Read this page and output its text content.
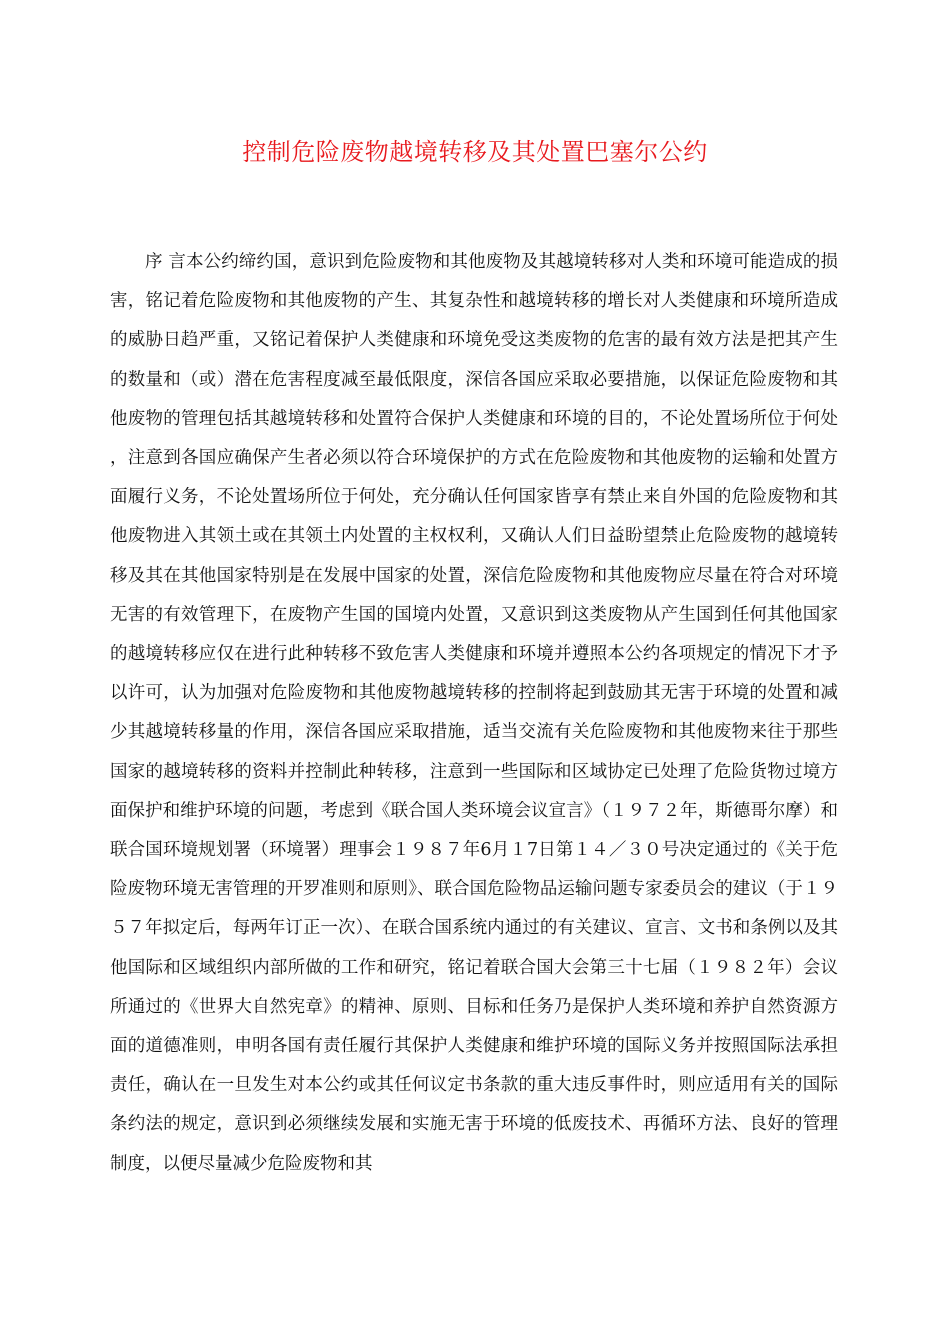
控制危险废物越境转移及其处置巴塞尔公约

序 言本公约缔约国，意识到危险废物和其他废物及其越境转移对人类和环境可能造成的损害，铭记着危险废物和其他废物的产生、其复杂性和越境转移的增长对人类健康和环境所造成的威胁日趋严重，又铭记着保护人类健康和环境免受这类废物的危害的最有效方法是把其产生的数量和（或）潜在危害程度减至最低限度，深信各国应采取必要措施，以保证危险废物和其他废物的管理包括其越境转移和处置符合保护人类健康和环境的目的，不论处置场所位于何处，注意到各国应确保产生者必须以符合环境保护的方式在危险废物和其他废物的运输和处置方面履行义务，不论处置场所位于何处，充分确认任何国家皆享有禁止来自外国的危险废物和其他废物进入其领土或在其领土内处置的主权权利，又确认人们日益盼望禁止危险废物的越境转移及其在其他国家特别是在发展中国家的处置，深信危险废物和其他废物应尽量在符合对环境无害的有效管理下，在废物产生国的国境内处置，又意识到这类废物从产生国到任何其他国家的越境转移应仅在进行此种转移不致危害人类健康和环境并遵照本公约各项规定的情况下才予以许可，认为加强对危险废物和其他废物越境转移的控制将起到鼓励其无害于环境的处置和减少其越境转移量的作用，深信各国应采取措施，适当交流有关危险废物和其他废物来往于那些国家的越境转移的资料并控制此种转移，注意到一些国际和区域协定已处理了危险货物过境方面保护和维护环境的问题，考虑到《联合国人类环境会议宣言》（１９７２年，斯德哥尔摩）和联合国环境规划署（环境署）理事会１９８７年6月１7日第１４／３０号决定通过的《关于危险废物环境无害管理的开罗准则和原则》、联合国危险物品运输问题专家委员会的建议（于１９５７年拟定后，每两年订正一次）、在联合国系统内通过的有关建议、宣言、文书和条例以及其他国际和区域组织内部所做的工作和研究，铭记着联合国大会第三十七届（１９８２年）会议所通过的《世界大自然宪章》的精神、原则、目标和任务乃是保护人类环境和养护自然资源方面的道德准则，申明各国有责任履行其保护人类健康和维护环境的国际义务并按照国际法承担责任，确认在一旦发生对本公约或其任何议定书条款的重大违反事件时，则应适用有关的国际条约法的规定，意识到必须继续发展和实施无害于环境的低废技术、再循环方法、良好的管理制度，以便尽量减少危险废物和其
